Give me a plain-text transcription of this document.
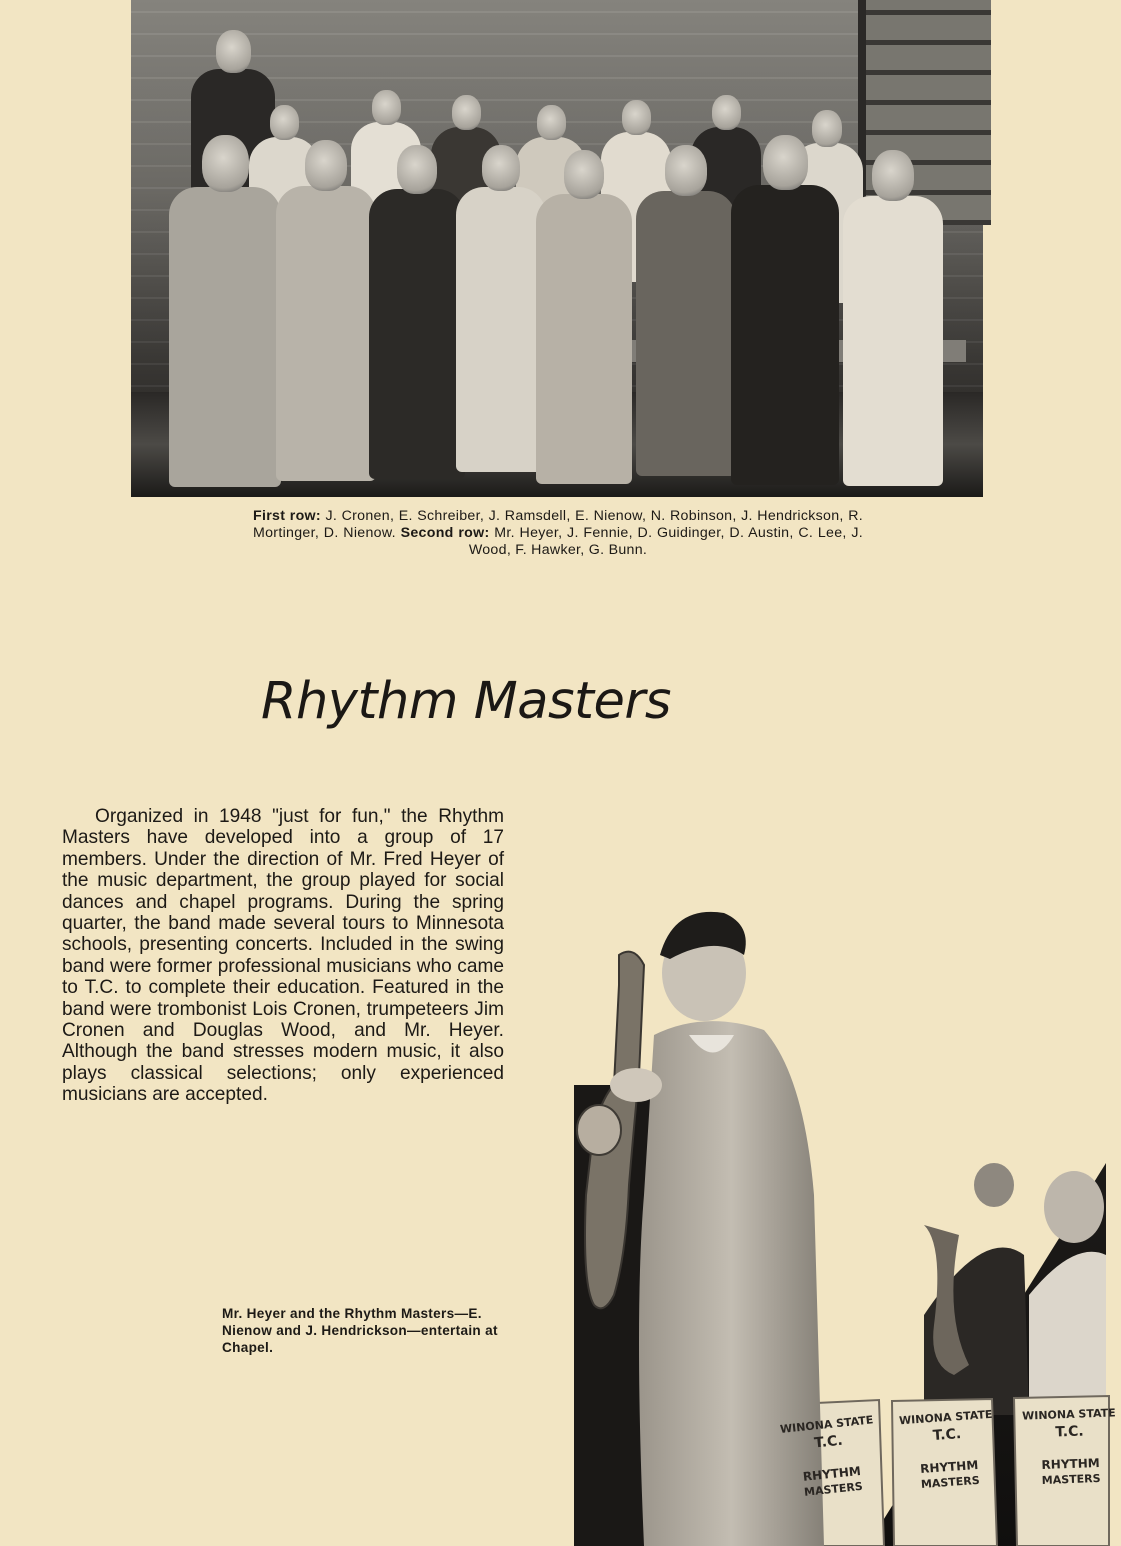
First row: J. Cronen, E. Schreiber, J. Ramsdell, E. Nienow, N. Robinson, J. Hendrickson, R. Mortinger, D. Nienow. Second row: Mr. Heyer, J. Fennie, D. Guidinger, D. Austin, C. Lee, J. Wood, F. Hawker, G. Bunn.
Rhythm Masters

Organized in 1948 "just for fun," the Rhythm Masters have developed into a group of 17 members. Under the direction of Mr. Fred Heyer of the music department, the group played for social dances and chapel programs. During the spring quarter, the band made several tours to Minnesota schools, presenting concerts. Included in the swing band were former professional musicians who came to T.C. to complete their education. Featured in the band were trombonist Lois Cronen, trumpeteers Jim Cronen and Douglas Wood, and Mr. Heyer. Although the band stresses modern music, it also plays classical selections; only experienced musicians are accepted.

Mr. Heyer and the Rhythm Masters—E. Nienow and J. Hendrickson—entertain at Chapel.

WINONA STATE
T.C.
RHYTHM
MASTERS
WINONA STATE
T.C.
RHYTHM
MASTERS
WINONA STATE
T.C.
RHYTHM
MASTERS
